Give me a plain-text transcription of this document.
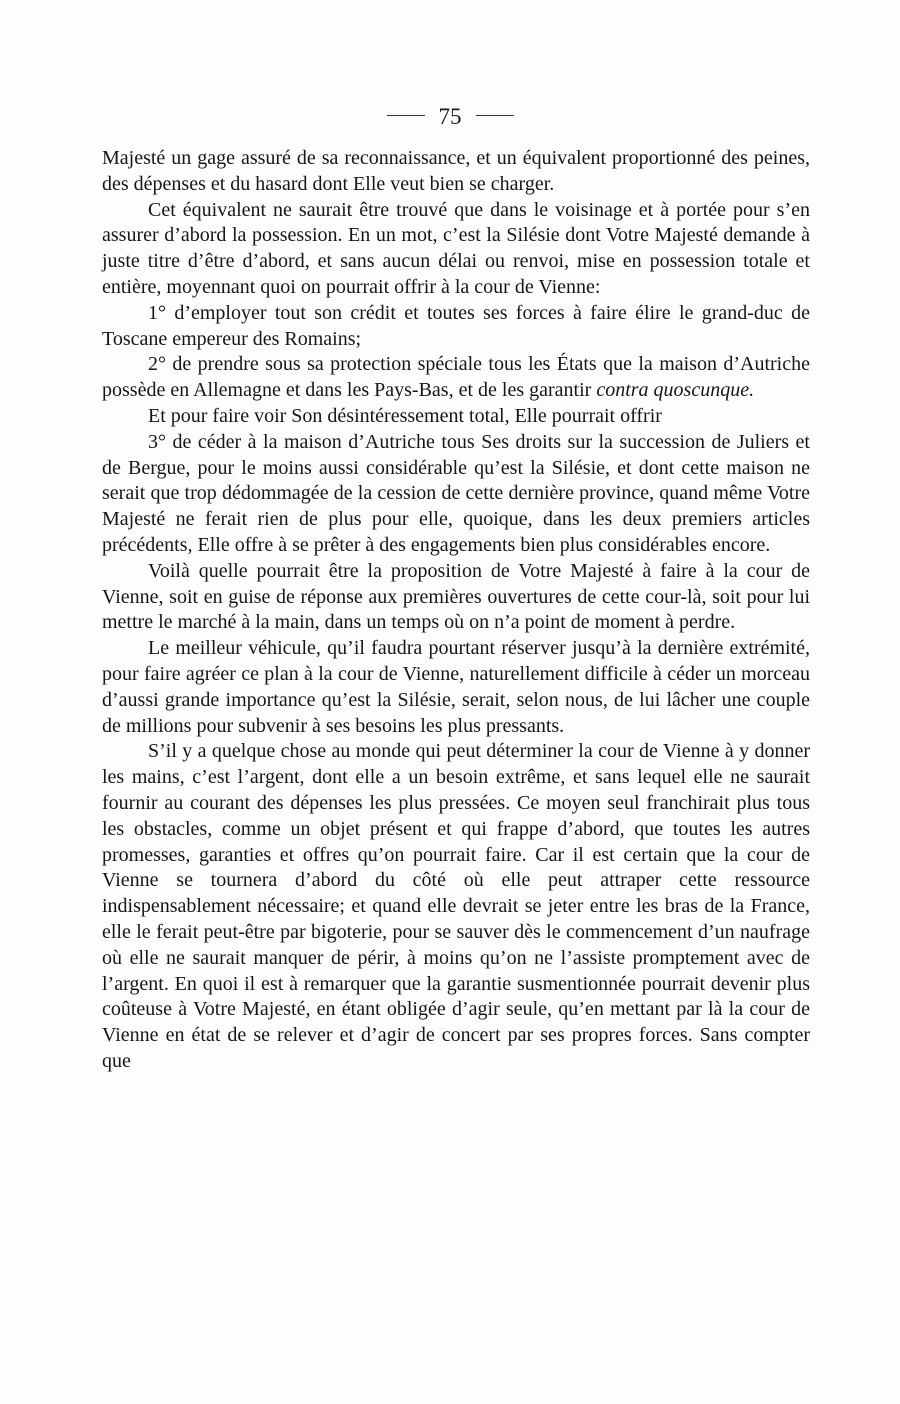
75

Majesté un gage assuré de sa reconnaissance, et un équivalent proportionné des peines, des dépenses et du hasard dont Elle veut bien se charger.

Cet équivalent ne saurait être trouvé que dans le voisinage et à portée pour s’en assurer d’abord la possession. En un mot, c’est la Silésie dont Votre Majesté demande à juste titre d’être d’abord, et sans aucun délai ou renvoi, mise en possession totale et entière, moyennant quoi on pourrait offrir à la cour de Vienne:

1° d’employer tout son crédit et toutes ses forces à faire élire le grand-duc de Toscane empereur des Romains;

2° de prendre sous sa protection spéciale tous les États que la maison d’Autriche possède en Allemagne et dans les Pays-Bas, et de les garantir contra quoscunque.

Et pour faire voir Son désintéressement total, Elle pourrait offrir

3° de céder à la maison d’Autriche tous Ses droits sur la succession de Juliers et de Bergue, pour le moins aussi considérable qu’est la Silésie, et dont cette maison ne serait que trop dédommagée de la cession de cette dernière province, quand même Votre Majesté ne ferait rien de plus pour elle, quoique, dans les deux premiers articles précédents, Elle offre à se prêter à des engagements bien plus considérables encore.

Voilà quelle pourrait être la proposition de Votre Majesté à faire à la cour de Vienne, soit en guise de réponse aux premières ouvertures de cette cour-là, soit pour lui mettre le marché à la main, dans un temps où on n’a point de moment à perdre.

Le meilleur véhicule, qu’il faudra pourtant réserver jusqu’à la dernière extrémité, pour faire agréer ce plan à la cour de Vienne, naturellement difficile à céder un morceau d’aussi grande importance qu’est la Silésie, serait, selon nous, de lui lâcher une couple de millions pour subvenir à ses besoins les plus pressants.

S’il y a quelque chose au monde qui peut déterminer la cour de Vienne à y donner les mains, c’est l’argent, dont elle a un besoin extrême, et sans lequel elle ne saurait fournir au courant des dépenses les plus pressées. Ce moyen seul franchirait plus tous les obstacles, comme un objet présent et qui frappe d’abord, que toutes les autres promesses, garanties et offres qu’on pourrait faire. Car il est certain que la cour de Vienne se tournera d’abord du côté où elle peut attraper cette ressource indispensablement nécessaire; et quand elle devrait se jeter entre les bras de la France, elle le ferait peut-être par bigoterie, pour se sauver dès le commencement d’un naufrage où elle ne saurait manquer de périr, à moins qu’on ne l’assiste promptement avec de l’argent. En quoi il est à remarquer que la garantie susmentionnée pourrait devenir plus coûteuse à Votre Majesté, en étant obligée d’agir seule, qu’en mettant par là la cour de Vienne en état de se relever et d’agir de concert par ses propres forces. Sans compter que
